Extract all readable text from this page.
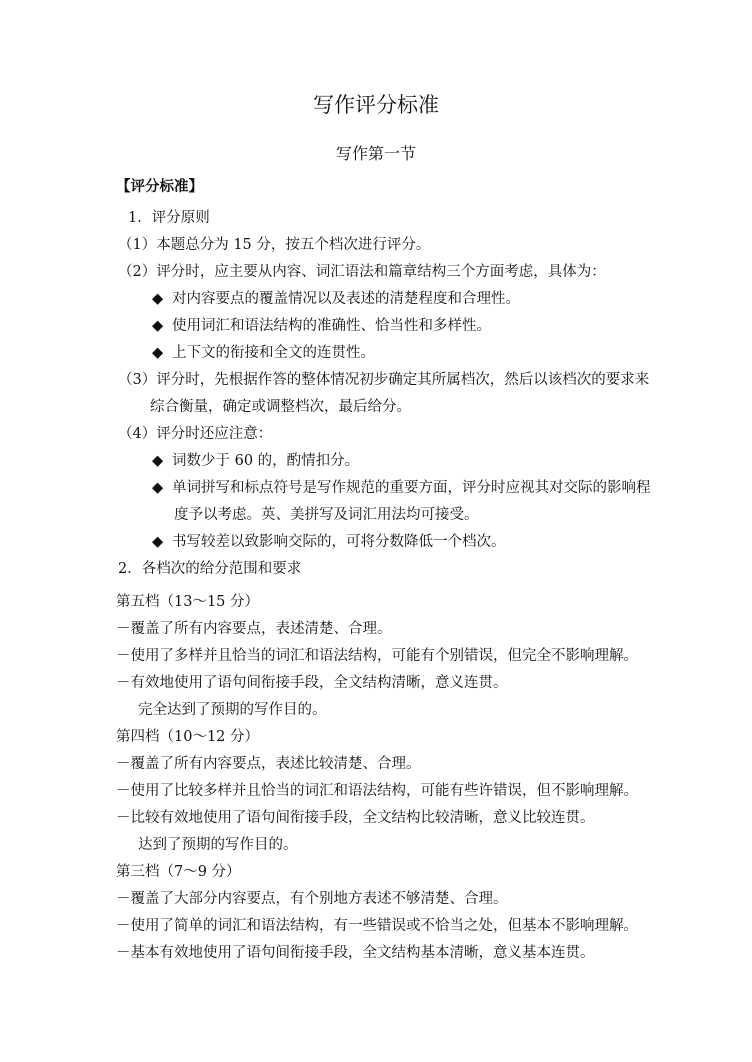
写作评分标准
写作第一节
【评分标准】
1．评分原则
（1）本题总分为 15 分，按五个档次进行评分。
（2）评分时，应主要从内容、词汇语法和篇章结构三个方面考虑，具体为：
◆ 对内容要点的覆盖情况以及表述的清楚程度和合理性。
◆ 使用词汇和语法结构的准确性、恰当性和多样性。
◆ 上下文的衔接和全文的连贯性。
（3）评分时，先根据作答的整体情况初步确定其所属档次，然后以该档次的要求来
综合衡量，确定或调整档次，最后给分。
（4）评分时还应注意：
◆ 词数少于 60 的，酌情扣分。
◆ 单词拼写和标点符号是写作规范的重要方面，评分时应视其对交际的影响程
度予以考虑。英、美拼写及词汇用法均可接受。
◆ 书写较差以致影响交际的，可将分数降低一个档次。
2．各档次的给分范围和要求
第五档（13～15 分）
－覆盖了所有内容要点，表述清楚、合理。
－使用了多样并且恰当的词汇和语法结构，可能有个别错误，但完全不影响理解。
－有效地使用了语句间衔接手段，全文结构清晰，意义连贯。
完全达到了预期的写作目的。
第四档（10～12 分）
－覆盖了所有内容要点，表述比较清楚、合理。
－使用了比较多样并且恰当的词汇和语法结构，可能有些许错误，但不影响理解。
－比较有效地使用了语句间衔接手段，全文结构比较清晰，意义比较连贯。
达到了预期的写作目的。
第三档（7～9 分）
－覆盖了大部分内容要点，有个别地方表述不够清楚、合理。
－使用了简单的词汇和语法结构，有一些错误或不恰当之处，但基本不影响理解。
－基本有效地使用了语句间衔接手段，全文结构基本清晰，意义基本连贯。
